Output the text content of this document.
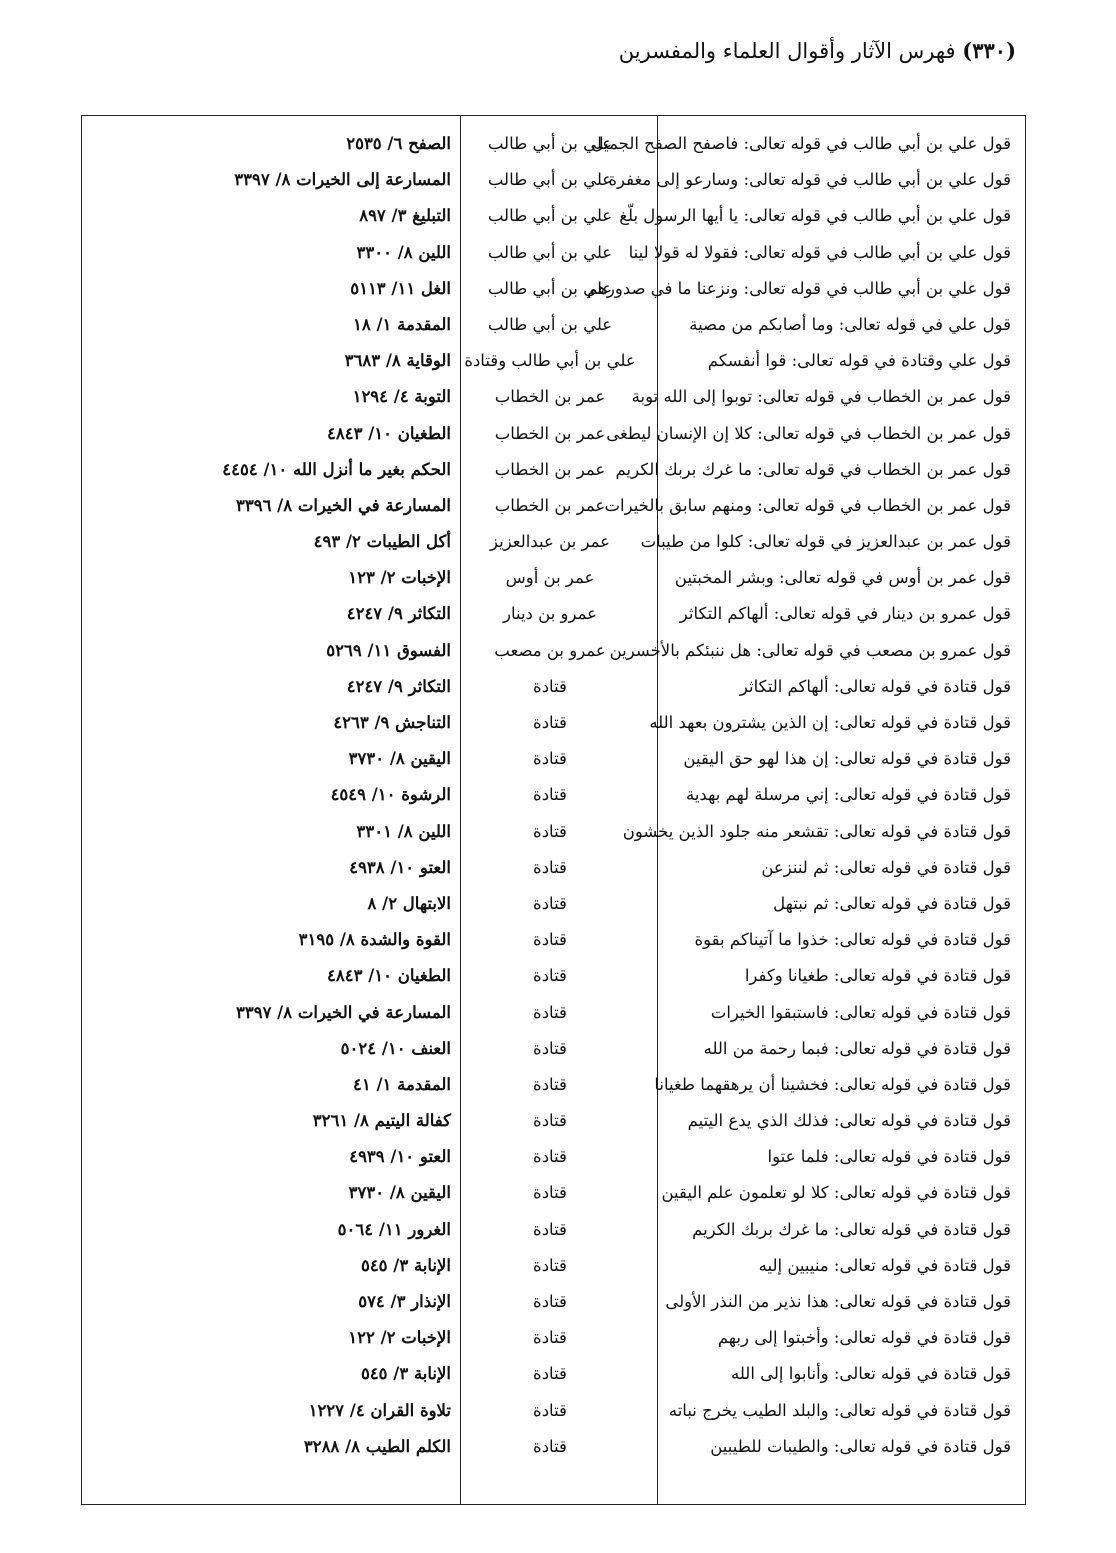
(٣٣٠) فهرس الآثار وأقوال العلماء والمفسرين
قول علي بن أبي طالب في قوله تعالى: فاصفح الصفح الجميل
علي بن أبي طالب
الصفح ٦/ ٢٥٣٥
قول علي بن أبي طالب في قوله تعالى: وسارعو إلى مغفرة
علي بن أبي طالب
المسارعة إلى الخيرات ٨/ ٣٣٩٧
قول علي بن أبي طالب في قوله تعالى: يا أيها الرسول بلّغ
علي بن أبي طالب
التبليغ ٣/ ٨٩٧
قول علي بن أبي طالب في قوله تعالى: فقولا له قولا لينا
علي بن أبي طالب
اللين ٨/ ٣٣٠٠
قول علي بن أبي طالب في قوله تعالى: ونزعنا ما في صدورهم
علي بن أبي طالب
الغل ١١/ ٥١١٣
قول علي في قوله تعالى: وما أصابكم من مصية
علي بن أبي طالب
المقدمة ١/ ١٨
قول علي وقتادة في قوله تعالى: قوا أنفسكم
علي بن أبي طالب وقتادة
الوقاية ٨/ ٣٦٨٣
قول عمر بن الخطاب في قوله تعالى: توبوا إلى الله توبة
عمر بن الخطاب
التوبة ٤/ ١٢٩٤
قول عمر بن الخطاب في قوله تعالى: كلا إن الإنسان ليطغى
عمر بن الخطاب
الطغيان ١٠/ ٤٨٤٣
قول عمر بن الخطاب في قوله تعالى: ما غرك بربك الكريم
عمر بن الخطاب
الحكم بغير ما أنزل الله ١٠/ ٤٤٥٤
قول عمر بن الخطاب في قوله تعالى: ومنهم سابق بالخيرات
عمر بن الخطاب
المسارعة في الخيرات ٨/ ٣٣٩٦
قول عمر بن عبدالعزيز في قوله تعالى: كلوا من طيبات
عمر بن عبدالعزيز
أكل الطيبات ٢/ ٤٩٣
قول عمر بن أوس في قوله تعالى: وبشر المخبتين
عمر بن أوس
الإخبات ٢/ ١٢٣
قول عمرو بن دينار في قوله تعالى: ألهاكم التكاثر
عمرو بن دينار
التكاثر ٩/ ٤٢٤٧
قول عمرو بن مصعب في قوله تعالى: هل ننبئكم بالأخسرين
عمرو بن مصعب
الفسوق ١١/ ٥٢٦٩
قول قتادة في قوله تعالى: ألهاكم التكاثر
قتادة
التكاثر ٩/ ٤٢٤٧
قول قتادة في قوله تعالى: إن الذين يشترون بعهد الله
قتادة
التناجش ٩/ ٤٢٦٣
قول قتادة في قوله تعالى: إن هذا لهو حق اليقين
قتادة
اليقين ٨/ ٣٧٣٠
قول قتادة في قوله تعالى: إني مرسلة لهم بهدية
قتادة
الرشوة ١٠/ ٤٥٤٩
قول قتادة في قوله تعالى: تقشعر منه جلود الذين يخشون
قتادة
اللين ٨/ ٣٣٠١
قول قتادة في قوله تعالى: ثم لننزعن
قتادة
العتو ١٠/ ٤٩٣٨
قول قتادة في قوله تعالى: ثم نبتهل
قتادة
الابتهال ٢/ ٨
قول قتادة في قوله تعالى: خذوا ما آتيناكم بقوة
قتادة
القوة والشدة ٨/ ٣١٩٥
قول قتادة في قوله تعالى: طغيانا وكفرا
قتادة
الطغيان ١٠/ ٤٨٤٣
قول قتادة في قوله تعالى: فاستبقوا الخيرات
قتادة
المسارعة في الخيرات ٨/ ٣٣٩٧
قول قتادة في قوله تعالى: فبما رحمة من الله
قتادة
العنف ١٠/ ٥٠٢٤
قول قتادة في قوله تعالى: فخشينا أن يرهقهما طغيانا
قتادة
المقدمة ١/ ٤١
قول قتادة في قوله تعالى: فذلك الذي يدع اليتيم
قتادة
كفالة اليتيم ٨/ ٣٢٦١
قول قتادة في قوله تعالى: فلما عتوا
قتادة
العتو ١٠/ ٤٩٣٩
قول قتادة في قوله تعالى: كلا لو تعلمون علم اليقين
قتادة
اليقين ٨/ ٣٧٣٠
قول قتادة في قوله تعالى: ما غرك بربك الكريم
قتادة
الغرور ١١/ ٥٠٦٤
قول قتادة في قوله تعالى: منيبين إليه
قتادة
الإنابة ٣/ ٥٤٥
قول قتادة في قوله تعالى: هذا نذير من النذر الأولى
قتادة
الإنذار ٣/ ٥٧٤
قول قتادة في قوله تعالى: وأخبتوا إلى ربهم
قتادة
الإخبات ٢/ ١٢٢
قول قتادة في قوله تعالى: وأنابوا إلى الله
قتادة
الإنابة ٣/ ٥٤٥
قول قتادة في قوله تعالى: والبلد الطيب يخرج نباته
قتادة
تلاوة القران ٤/ ١٢٢٧
قول قتادة في قوله تعالى: والطيبات للطيبين
قتادة
الكلم الطيب ٨/ ٣٢٨٨
